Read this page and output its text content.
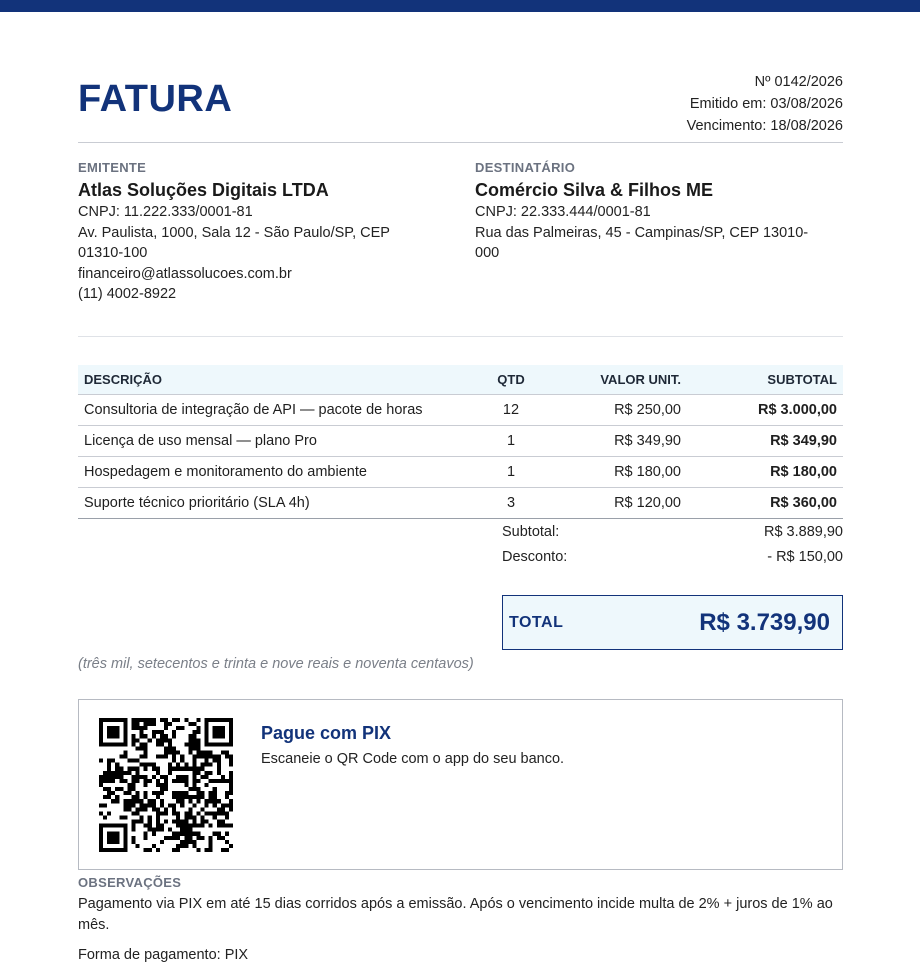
FATURA	Nº 0142/2026
Emitido em: 03/08/2026
Vencimento: 18/08/2026
EMITENTE
Atlas Soluções Digitais LTDA
CNPJ: 11.222.333/0001-81
Av. Paulista, 1000, Sala 12 - São Paulo/SP, CEP 01310-100
financeiro@atlassolucoes.com.br
(11) 4002-8922
DESTINATÁRIO
Comércio Silva & Filhos ME
CNPJ: 22.333.444/0001-81
Rua das Palmeiras, 45 - Campinas/SP, CEP 13010-000
DESCRIÇÃO	QTD	VALOR UNIT.	SUBTOTAL
Consultoria de integração de API — pacote de horas	12	R$ 250,00	R$ 3.000,00
Licença de uso mensal — plano Pro	1	R$ 349,90	R$ 349,90
Hospedagem e monitoramento do ambiente	1	R$ 180,00	R$ 180,00
Suporte técnico prioritário (SLA 4h)	3	R$ 120,00	R$ 360,00
Subtotal:	R$ 3.889,90
Desconto:	- R$ 150,00
TOTAL	R$ 3.739,90
(três mil, setecentos e trinta e nove reais e noventa centavos)
Pague com PIX
Escaneie o QR Code com o app do seu banco.
OBSERVAÇÕES
Pagamento via PIX em até 15 dias corridos após a emissão. Após o vencimento incide multa de 2% + juros de 1% ao mês.
Forma de pagamento: PIX
